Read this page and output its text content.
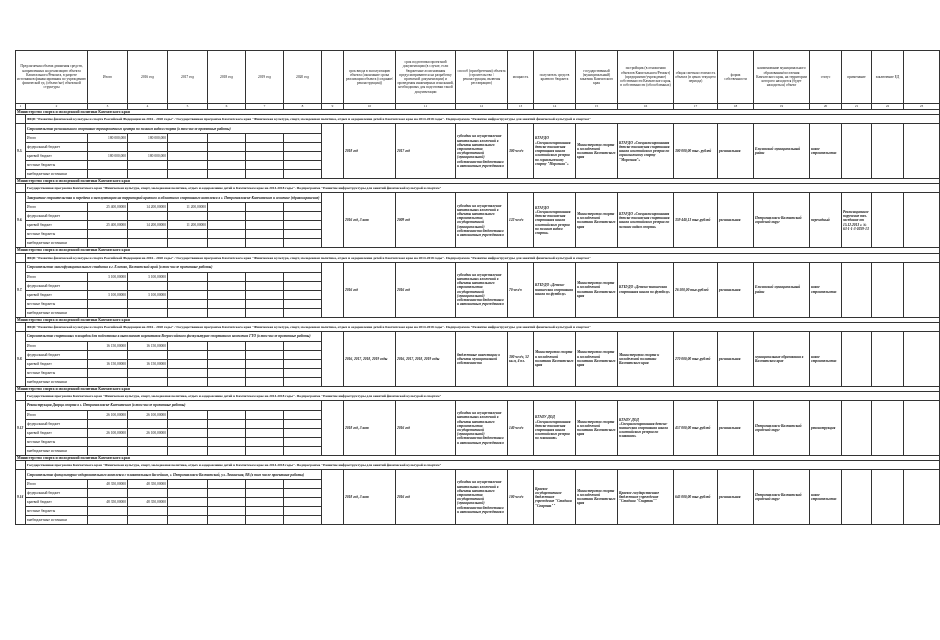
Предлагаемая объема движения средств, направленных на реализацию объекта Капитального/Ремонта, в разрезе источников финансирования по учреждению физической ед. (объект/ые) объектной структуры		Итого	2016 год	2017 год	2018 год	2019 год	2020 год		срок ввода в эксплуатацию объекта (окончание срока реализации объекта (создание/реконструкция))	срок подготовки проектной документации (в случае, если бюджетные ассигнования предусматриваются на разработку проектной документации) и проведения инженерных изысканий, необходимых для подготовки такой документации	способ (приобретения) объекта (строительство / реконструкция, включая реставрацию)	мощность	получатель средств краевого бюджета	государственный (муниципальный) заказчик Камчатского края	застройщик (в отношении объектов Капитального/Ремонт) (предприятие/учреждение) собственности Камчатского края, в собственности (обособленных)	общая сметная стоимость объекта (в ценах текущего периода)	форма собственности	наименование муниципального образования/поселения Камчатского края, на территории которого находится (будет находиться) объект	статус	примечание	заключение ЕД	
1	2	3	4	5	6	7	8	9	10	11	12	13	14	15	16	17	18	19	20	21	22	23
Министерство спорта и молодежной политики Камчатского края																						
	ФЦП "Развитие физической культуры и спорта Российской Федерации на 2016 - 2020 годы" / Государственная программа Камчатского края "Физическая культура, спорт, молодежная политика, отдых и оздоровление детей в Камчатском крае на 2014-2018 годы". Подпрограмма "Развитие инфраструктуры для занятий физической культурой и спортом"																					
9.5.	Строительство регионального спортивно-тренировочного центра по зимним видам спорта (в том числе проектные работы)								2018 год	2017 год	субсидии на осуществление капитальных вложений в объекты капитального строительства государственной (муниципальной) собственности бюджетным и автономным учреждениям	300 чел/ч	КГАУДО «Специализированная детско-юношеская спортивная школа олимпийского резерва по горнолыжному спорту "Морозная"»	Министерство спорта и молодежной политики Камчатского края	КГАУДО «Специализированная детско-юношеская спортивная школа олимпийского резерва по горнолыжному спорту "Морозная"»	300 000,00 тыс. рублей	региональная	Елизовский муниципальный район	новое строительство			
	Итого	180 000,000	180 000,000																			
	федеральный бюджет																					
	краевой бюджет	180 000,000	180 000,000																			
	местные бюджеты																					
	внебюджетные источники																					
Министерство спорта и молодежной политики Камчатского края																						
	Государственная программа Камчатского края "Физическая культура, спорт, молодежная политика, отдых и оздоровление детей в Камчатском крае на 2014-2018 годы". Подпрограмма "Развитие инфраструктуры для занятий физической культурой и спортом"																					
9.6.	Завершение строительства и передача в эксплуатацию на территорий краевого и областного спортивного комплекса в г. Петропавловске-Камчатском и освоение (здравоохранение)								2016 год, 3 квт	2009 год	субсидии на осуществление капитальных вложений в объекты капитального строительства государственной (муниципальной) собственности бюджетным и автономным учреждениям	122 чел/ч	КГАУДО «Специализированная детско-юношеская спортивная школа олимпийского резерва по зимним видам спорта»	Министерство спорта и молодежной политики Камчатского края	КГАУДО «Специализированная детско-юношеская спортивная школа олимпийского резерва по зимним видам спорта»	359 440,13 тыс.рублей	региональная	Петропавловск-Камчатский городской округ	переходный	Реализационное поручение тех. заседание от 15.12.2013 г. № 63-1-1-3-0259-13		
	Итого	25 400,00000	14 200,00000	11 200,00000																		
	федеральный бюджет																					
	краевой бюджет	25 400,00000	14 200,00000	11 200,00000																		
	местные бюджеты																					
	внебюджетные источники																					
Министерство спорта и молодежной политики Камчатского края																						
	ФЦП "Развитие физической культуры и спорта Российской Федерации на 2016 - 2020 годы" / Государственная программа Камчатского края "Физическая культура, спорт, молодежная политика, отдых и оздоровление детей в Камчатском крае на 2014-2018 годы". Подпрограмма "Развитие инфраструктуры для занятий физической культурой и спортом"																					
9.7.	Строительство многофункционального стадиона в г. Елизово, Камчатский край (в том числе проектные работы)								2016 год	2016 год	субсидии на осуществление капитальных вложений в объекты капитального строительства государственной (муниципальной) собственности бюджетным и автономным учреждениям	70 чел/ч	КГБУДО «Детско-юношеская спортивная школа по футболу»	Министерство спорта и молодежной политики Камчатского края	КГБУДО «Детско-юношеская спортивная школа по футболу»	26 500,00 тыс.рублей	региональная	Елизовский муниципальный район	новое строительство			
	Итого	3 100,00000	3 100,00000																			
	федеральный бюджет																					
	краевой бюджет	3 100,00000	3 100,00000																			
	местные бюджеты																					
	внебюджетные источники																					
Министерство спорта и молодежной политики Камчатского края																						
	ФЦП "Развитие физической культуры и спорта Российской Федерации на 2016 - 2020 годы" / Государственная программа Камчатского края "Физическая культура, спорт, молодежная политика, отдых и оздоровление детей в Камчатском крае на 2014-2018 годы". Подпрограмма "Развитие инфраструктуры для занятий физической культурой и спортом"																					
9.8.	Строительство спортивных площадок для подготовки к выполнению нормативов Всероссийского физкультурно-спортивного комплекса ГТО (в том числе проектные работы)								2016, 2017, 2018, 2019 годы	2016, 2017, 2018, 2019 годы	бюджетные инвестиции в объекты муниципальной собственности	300 чел/ч, 52 кв.м, 4 пл.	Министерство спорта и молодежной политики Камчатского края	Министерство спорта и молодежной политики Камчатского края	Министерство спорта и молодежной политики Камчатского края	270 000,00 тыс.рублей	региональная	муниципальные образования в Камчатском крае	новое строительство			
	Итого	16 150,00000	16 150,00000																			
	федеральный бюджет																					
	краевой бюджет	16 150,00000	16 150,00000																			
	местные бюджеты																					
	внебюджетные источники																					
Министерство спорта и молодежной политики Камчатского края																						
	Государственная программа Камчатского края "Физическая культура, спорт, молодежная политика, отдых и оздоровление детей в Камчатском крае на 2014-2018 годы". Подпрограмма "Развитие инфраструктуры для занятий физической культурой и спортом"																					
9.12	Реконструкция Дворца спорта в г. Петропавловске-Камчатском (в том числе проектные работы)								2018 год, 3 квт	2016 год	субсидии на осуществление капитальных вложений в объекты капитального строительства государственной (муниципальной) собственности бюджетным и автономным учреждениям	140 чел/ч	КГАОУ ДОД «Специализированная детско-юношеская спортивная школа олимпийского резерва по плаванию»	Министерство спорта и молодежной политики Камчатского края	КГАОУ ДОД «Специализированная детско-юношеская спортивная школа олимпийского резерва по плаванию»	457 000,00 тыс.рублей	региональная	Петропавловск-Камчатский городской округ	реконструкция			
	Итого	26 100,00000	26 100,00000																			
	федеральный бюджет																					
	краевой бюджет	26 100,00000	26 100,00000																			
	местные бюджеты																					
	внебюджетные источники																					
Министерство спорта и молодежной политики Камчатского края																						
	Государственная программа Камчатского края "Физическая культура, спорт, молодежная политика, отдых и оздоровление детей в Камчатском крае на 2014-2018 годы". Подпрограмма "Развитие инфраструктуры для занятий физической культурой и спортом"																					
9.14	Строительство физкультурно-оздоровительного комплекса с плавательным бассейном, г. Петропавловск-Камчатский, ул. Ленинская, 8В (в том числе проектные работы)								2018 год, 3 квт	2016 год	субсидии на осуществление капитальных вложений в объекты капитального строительства государственной (муниципальной) собственности бюджетным и автономным учреждениям	100 чел/ч	Краевое государственное бюджетное учреждение "Стадион "Спартак""	Министерство спорта и молодежной политики Камчатского края	Краевое государственное бюджетное учреждение "Стадион "Спартак""	645 000,00 тыс.рублей	региональная	Петропавловск-Камчатский городской округ	новое строительство			
	Итого	48 350,00000	48 350,00000																			
	федеральный бюджет																					
	краевой бюджет	48 350,00000	48 350,00000																			
	местные бюджеты																					
	внебюджетные источники																					
